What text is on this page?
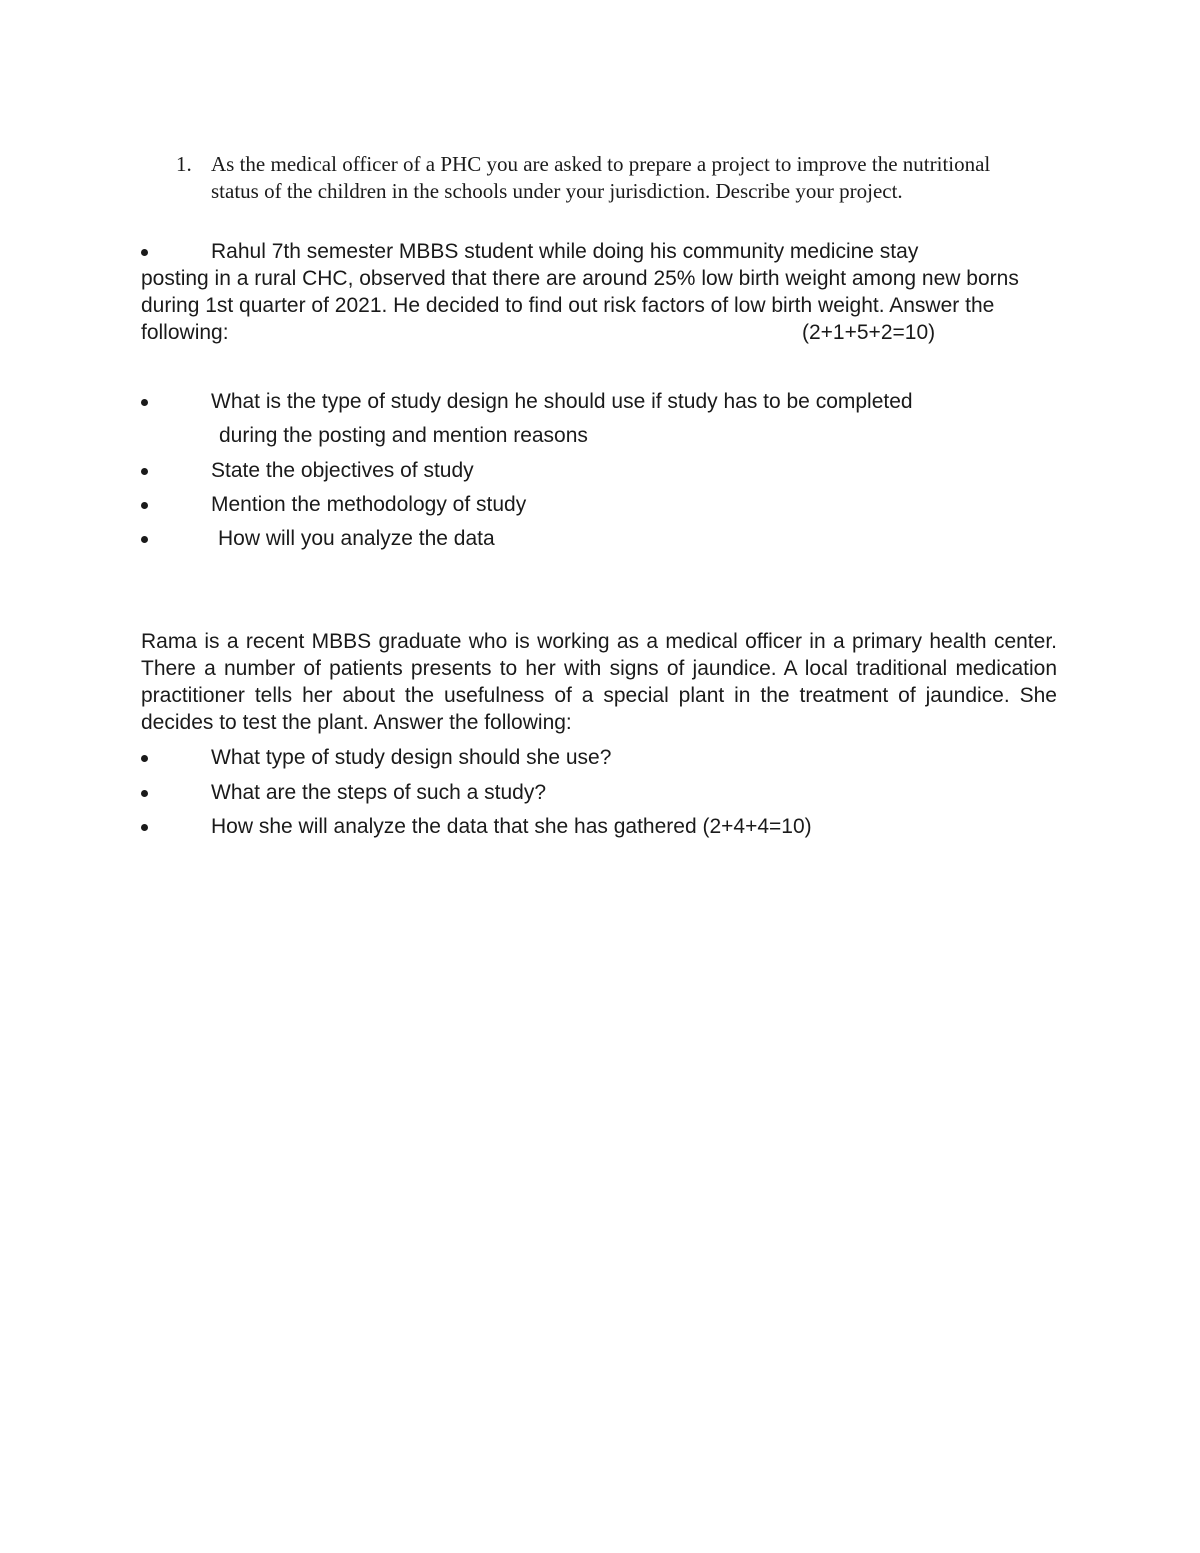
1. As the medical officer of a PHC you are asked to prepare a project to improve the nutritional status of the children in the schools under your jurisdiction. Describe your project.
Rahul 7th semester MBBS student while doing his community medicine stay
posting in a rural CHC, observed that there are around 25% low birth weight among new borns during 1st quarter of 2021. He decided to find out risk factors of low birth weight. Answer the following:	(2+1+5+2=10)
What is the type of study design he should use if study has to be completed
during the posting and mention reasons
State the objectives of study
Mention the methodology of study
How will you analyze the data
Rama is a recent MBBS graduate who is working as a medical officer in a primary health center. There a number of patients presents to her with signs of jaundice. A local traditional medication practitioner tells her about the usefulness of a special plant in the treatment of jaundice. She decides to test the plant. Answer the following:
What type of study design should she use?
What are the steps of such a study?
How she will analyze the data that she has gathered (2+4+4=10)
